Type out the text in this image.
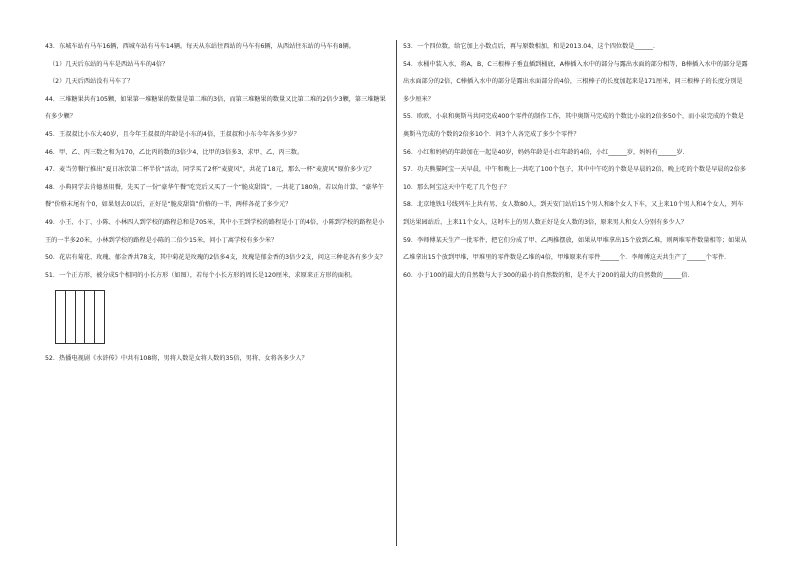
43．东城车站有马车16辆，西城车站有马车14辆。每天从东站往西站的马车有6辆，从西站往东站的马车有8辆。
（1）几天后东站的马车是西站马车的4倍？
（2）几天后西站没有马车了？
44．三堆糖果共有105颗，如果第一堆糖果的数量是第二堆的3倍，而第三堆糖果的数量又比第二堆的2倍少3颗，第三堆糖果有多少颗？
45．王叔叔比小东大40岁，且今年王叔叔的年龄是小东的4倍，王叔叔和小东今年各多少岁？
46．甲、乙、丙三数之和为170，乙比丙的数的3倍少4，比甲的3倍多3，求甲、乙、丙三数。
47．麦当劳餐厅推出“夏日冰饮第二杯半价”活动，同学买了2杯“麦旋风”，共花了18元，那么一杯“麦旋风”原价多少元？
48．小典同学去肯德基用餐，先买了一份“豪华午餐”吃完后又买了一个“脆皮甜筒”，一共花了180角，若以角计算，“豪华午餐”价格末尾有个0，如果划去0以后，正好是“脆皮甜筒”价格的一半，两样各花了多少元？
49．小王、小丁、小陈、小林四人到学校的路程总和是705米，其中小王到学校的路程是小丁的4倍，小陈到学校的路程是小王的一半多20米，小林到学校的路程是小陈的二倍少15米，问小丁离学校有多少米？
50．花店有菊花、玫瑰、郁金香共78支，其中菊花是玫瑰的2倍多4支，玫瑰是郁金香的3倍少2支，问这三种花各有多少支？
51．一个正方形，被分成5个相同的小长方形（如图），若每个小长方形的周长是120厘米，求原来正方形的面积。
52．热播电视剧《水浒传》中共有108将，男将人数是女将人数的35倍，男将、女将各多少人？
53．一个四位数，给它加上小数点后，再与原数相加，和是2013.04，这个四位数是______．
54．水桶中装入水，将A，B，C三根棒子垂直插到桶底，A棒插入水中的部分与露出水面的部分相等，B棒插入水中的部分是露出水面部分的2倍，C棒插入水中的部分是露出水面部分的4倍，三根棒子的长度加起来是171厘米，问三根棒子的长度分别是多少厘米？
55．欧欧、小泉和奥斯马共同完成400个零件的制作工作，其中奥斯马完成的个数比小泉的2倍多50个，而小泉完成的个数是奥斯马完成的个数的2倍多10个．问3个人各完成了多少个零件？
56．小红和妈妈的年龄加在一起是40岁，妈妈年龄是小红年龄的4倍，小红______岁，妈妈有______岁．
57．功夫熊猫阿宝一天早晨，中午和晚上一共吃了100个包子，其中中午吃的个数是早晨的2倍，晚上吃的个数是早晨的2倍多10．那么阿宝这天中午吃了几个包子？
58．北京地铁1号线列车上共有男、女人数80人，到天安门站后15个男人和8个女人下车，又上来10个男人和4个女人，列车到达果园站后，上来11个女人，这时车上的男人数正好是女人数的3倍，原来男人和女人分别有多少人？
59．李师傅某天生产一批零件，把它们分成了甲、乙两推摆放，如果从甲堆拿出15个放到乙堆，则两堆零件数量相等；如果从乙堆拿出15个放到甲堆，甲堆里的零件数是乙堆的4倍，甲堆原来有零件______个．李师傅这天共生产了______个零件．
60．小于100的最大的自然数与大于300的最小的自然数的和，是不大于200的最大的自然数的______倍．
